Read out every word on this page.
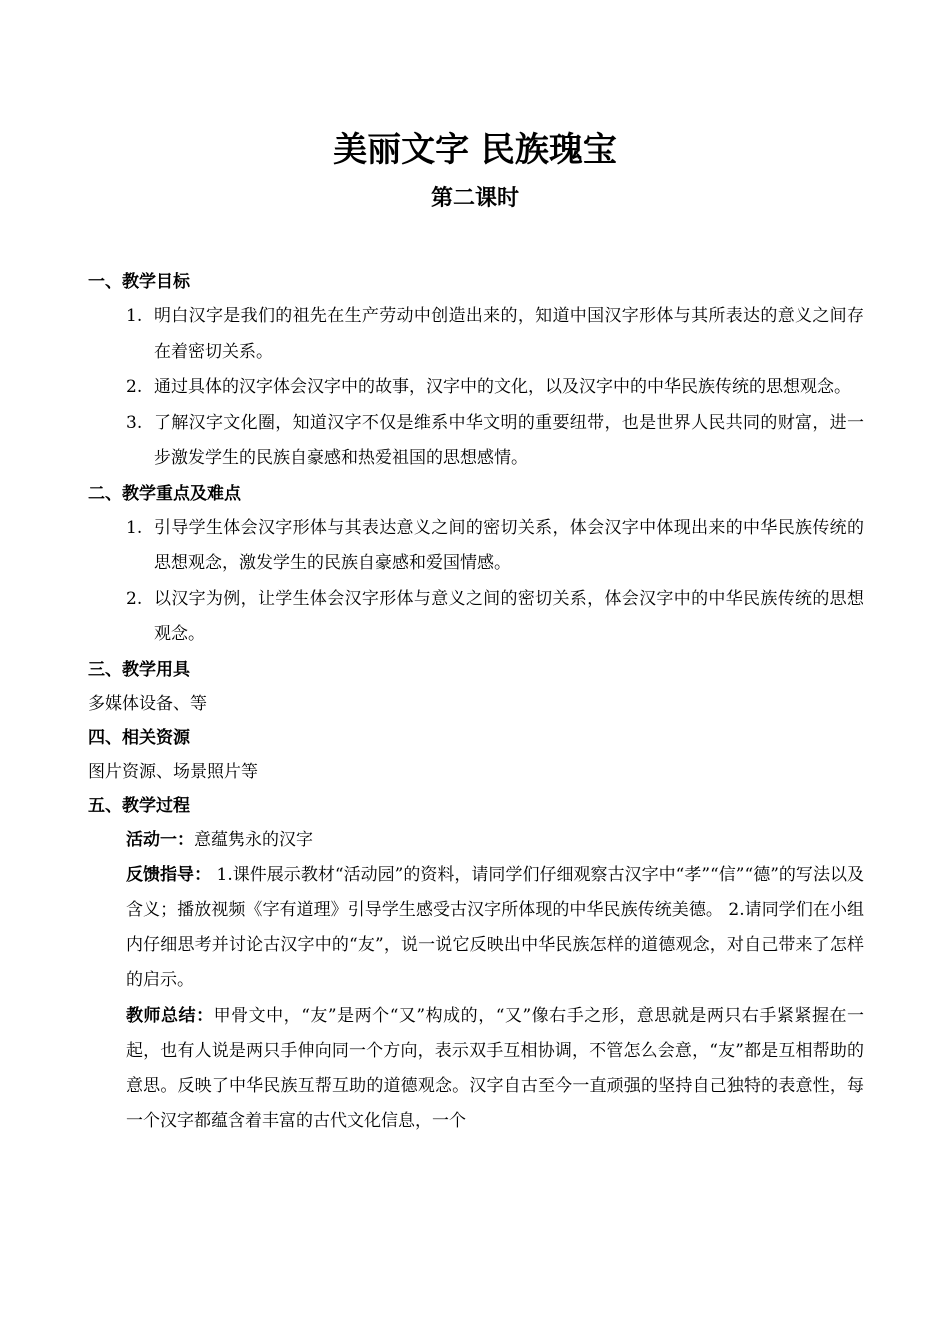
美丽文字 民族瑰宝
第二课时
一、教学目标
1. 明白汉字是我们的祖先在生产劳动中创造出来的，知道中国汉字形体与其所表达的意义之间存在着密切关系。
2. 通过具体的汉字体会汉字中的故事，汉字中的文化，以及汉字中的中华民族传统的思想观念。
3. 了解汉字文化圈，知道汉字不仅是维系中华文明的重要纽带，也是世界人民共同的财富，进一步激发学生的民族自豪感和热爱祖国的思想感情。
二、教学重点及难点
1. 引导学生体会汉字形体与其表达意义之间的密切关系，体会汉字中体现出来的中华民族传统的思想观念，激发学生的民族自豪感和爱国情感。
2. 以汉字为例，让学生体会汉字形体与意义之间的密切关系，体会汉字中的中华民族传统的思想观念。
三、教学用具
多媒体设备、等
四、相关资源
图片资源、场景照片等
五、教学过程
活动一：意蕴隽永的汉字
反馈指导： 1.课件展示教材“活动园”的资料，请同学们仔细观察古汉字中“孝”“信”“德”的写法以及含义；播放视频《字有道理》引导学生感受古汉字所体现的中华民族传统美德。 2.请同学们在小组内仔细思考并讨论古汉字中的“友”，说一说它反映出中华民族怎样的道德观念，对自己带来了怎样的启示。
教师总结：甲骨文中，“友”是两个“又”构成的，“又”像右手之形，意思就是两只右手紧紧握在一起，也有人说是两只手伸向同一个方向，表示双手互相协调，不管怎么会意，“友”都是互相帮助的意思。反映了中华民族互帮互助的道德观念。汉字自古至今一直顽强的坚持自己独特的表意性，每一个汉字都蕴含着丰富的古代文化信息，一个
